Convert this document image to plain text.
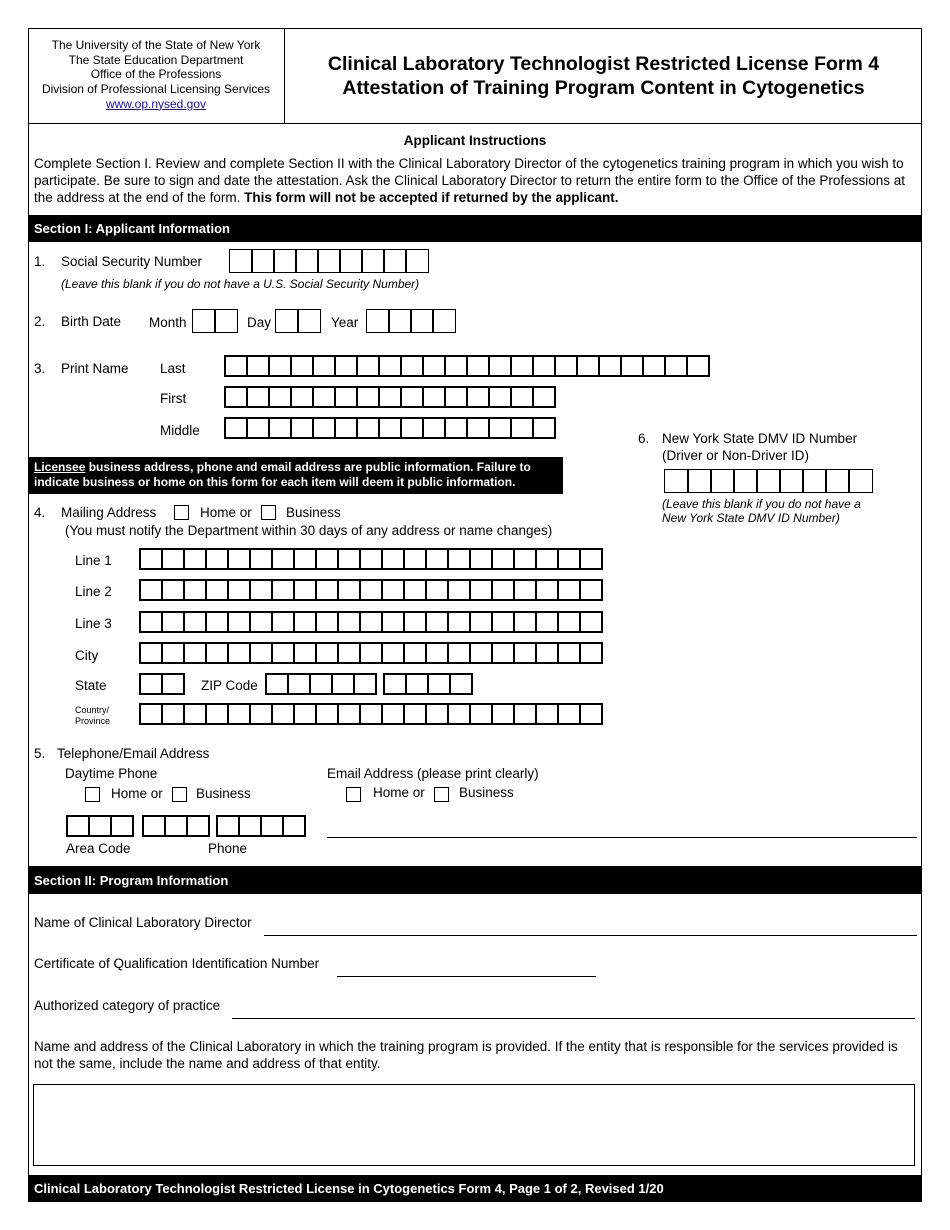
The University of the State of New York
The State Education Department
Office of the Professions
Division of Professional Licensing Services
www.op.nysed.gov
Clinical Laboratory Technologist Restricted License Form 4
Attestation of Training Program Content in Cytogenetics
Applicant Instructions
Complete Section I. Review and complete Section II with the Clinical Laboratory Director of the cytogenetics training program in which you wish to participate. Be sure to sign and date the attestation. Ask the Clinical Laboratory Director to return the entire form to the Office of the Professions at the address at the end of the form. This form will not be accepted if returned by the applicant.
Section I: Applicant Information
1. Social Security Number
(Leave this blank if you do not have a U.S. Social Security Number)
2. Birth Date Month	Day	Year
3. Print Name Last
First
Middle
Licensee business address, phone and email address are public information. Failure to indicate business or home on this form for each item will deem it public information.
6. New York State DMV ID Number
(Driver or Non-Driver ID)
(Leave this blank if you do not have a
New York State DMV ID Number)
4. Mailing Address	Home or	Business
(You must notify the Department within 30 days of any address or name changes)
Line 1
Line 2
Line 3
City
State	ZIP Code
Country/
Province
5. Telephone/Email Address
Daytime Phone
Home or Business
Email Address (please print clearly)
Home or	Business
Area Code	Phone
Section II: Program Information
Name of Clinical Laboratory Director
Certificate of Qualification Identification Number
Authorized category of practice
Name and address of the Clinical Laboratory in which the training program is provided. If the entity that is responsible for the services provided is not the same, include the name and address of that entity.
Clinical Laboratory Technologist Restricted License in Cytogenetics Form 4, Page 1 of 2, Revised 1/20
